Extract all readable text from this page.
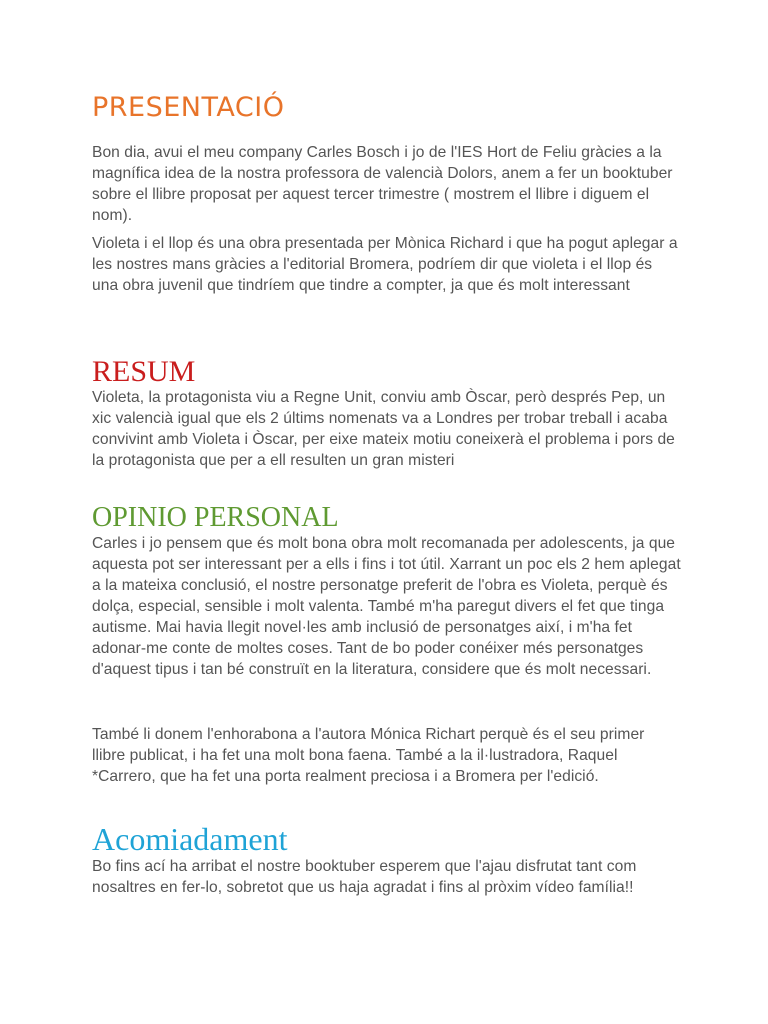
PRESENTACIÓ

Bon dia, avui el meu company Carles Bosch i jo de l'IES Hort de Feliu gràcies a la magnífica idea de la nostra professora de valencià Dolors, anem a fer un booktuber sobre el llibre proposat per aquest tercer trimestre ( mostrem el llibre i diguem el nom).

Violeta i el llop és una obra presentada per Mònica Richard i que ha pogut aplegar a les nostres mans gràcies a l'editorial Bromera, podríem dir que violeta i el llop és una obra juvenil que tindríem que tindre a compter, ja que és molt interessant

RESUM

Violeta, la protagonista viu a Regne Unit, conviu amb Òscar, però després Pep, un xic valencià igual que els 2 últims nomenats va a Londres per trobar treball i acaba convivint amb Violeta i Òscar, per eixe mateix motiu coneixerà el problema i pors de la protagonista que per a ell resulten un gran misteri

OPINIO PERSONAL

Carles i jo pensem que és molt bona obra molt recomanada per adolescents, ja que aquesta pot ser interessant per a ells i fins i tot útil. Xarrant un poc els 2 hem aplegat a la mateixa conclusió, el nostre personatge preferit de l'obra es Violeta, perquè és dolça, especial, sensible i molt valenta. També m'ha paregut divers el fet que tinga autisme. Mai havia llegit novel·les amb inclusió de personatges així, i m'ha fet adonar-me conte de moltes coses. Tant de bo poder conéixer més personatges d'aquest tipus i tan bé construït en la literatura, considere que és molt necessari.

També li donem l'enhorabona a l'autora Mónica Richart perquè és el seu primer llibre publicat, i ha fet una molt bona faena. També a la il·lustradora, Raquel *Carrero, que ha fet una porta realment preciosa i a Bromera per l'edició.

Acomiadament

Bo fins ací ha arribat el nostre booktuber esperem que l'ajau disfrutat tant com nosaltres en fer-lo, sobretot que us haja agradat i fins al pròxim vídeo família!!
